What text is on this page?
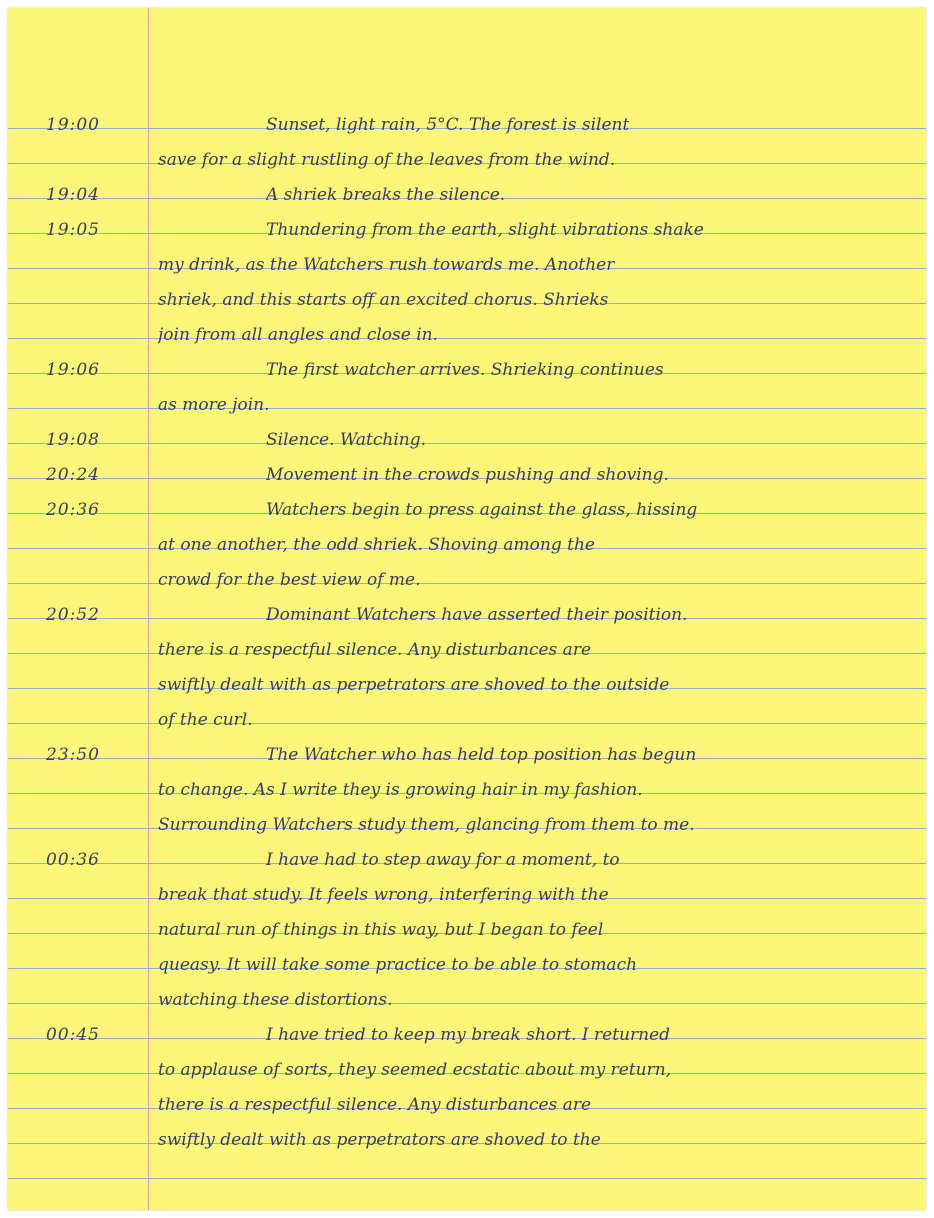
19:00	Sunset, light rain, 5°C. The forest is silent
save for a slight rustling of the leaves from the wind.
19:04	A shriek breaks the silence.
19:05	Thundering from the earth, slight vibrations shake
my drink, as the Watchers rush towards me. Another
shriek, and this starts off an excited chorus. Shrieks
join from all angles and close in.
19:06	The first watcher arrives. Shrieking continues
as more join.
19:08	Silence. Watching.
20:24	Movement in the crowds pushing and shoving.
20:36	Watchers begin to press against the glass, hissing
at one another, the odd shriek. Shoving among the
crowd for the best view of me.
20:52	Dominant Watchers have asserted their position.
there is a respectful silence. Any disturbances are
swiftly dealt with as perpetrators are shoved to the outside
of the curl.
23:50	The Watcher who has held top position has begun
to change. As I write they is growing hair in my fashion.
Surrounding Watchers study them, glancing from them to me.
00:36	I have had to step away for a moment, to
break that study. It feels wrong, interfering with the
natural run of things in this way, but I began to feel
queasy. It will take some practice to be able to stomach
watching these distortions.
00:45	I have tried to keep my break short. I returned
to applause of sorts, they seemed ecstatic about my return,
there is a respectful silence. Any disturbances are
swiftly dealt with as perpetrators are shoved to the
